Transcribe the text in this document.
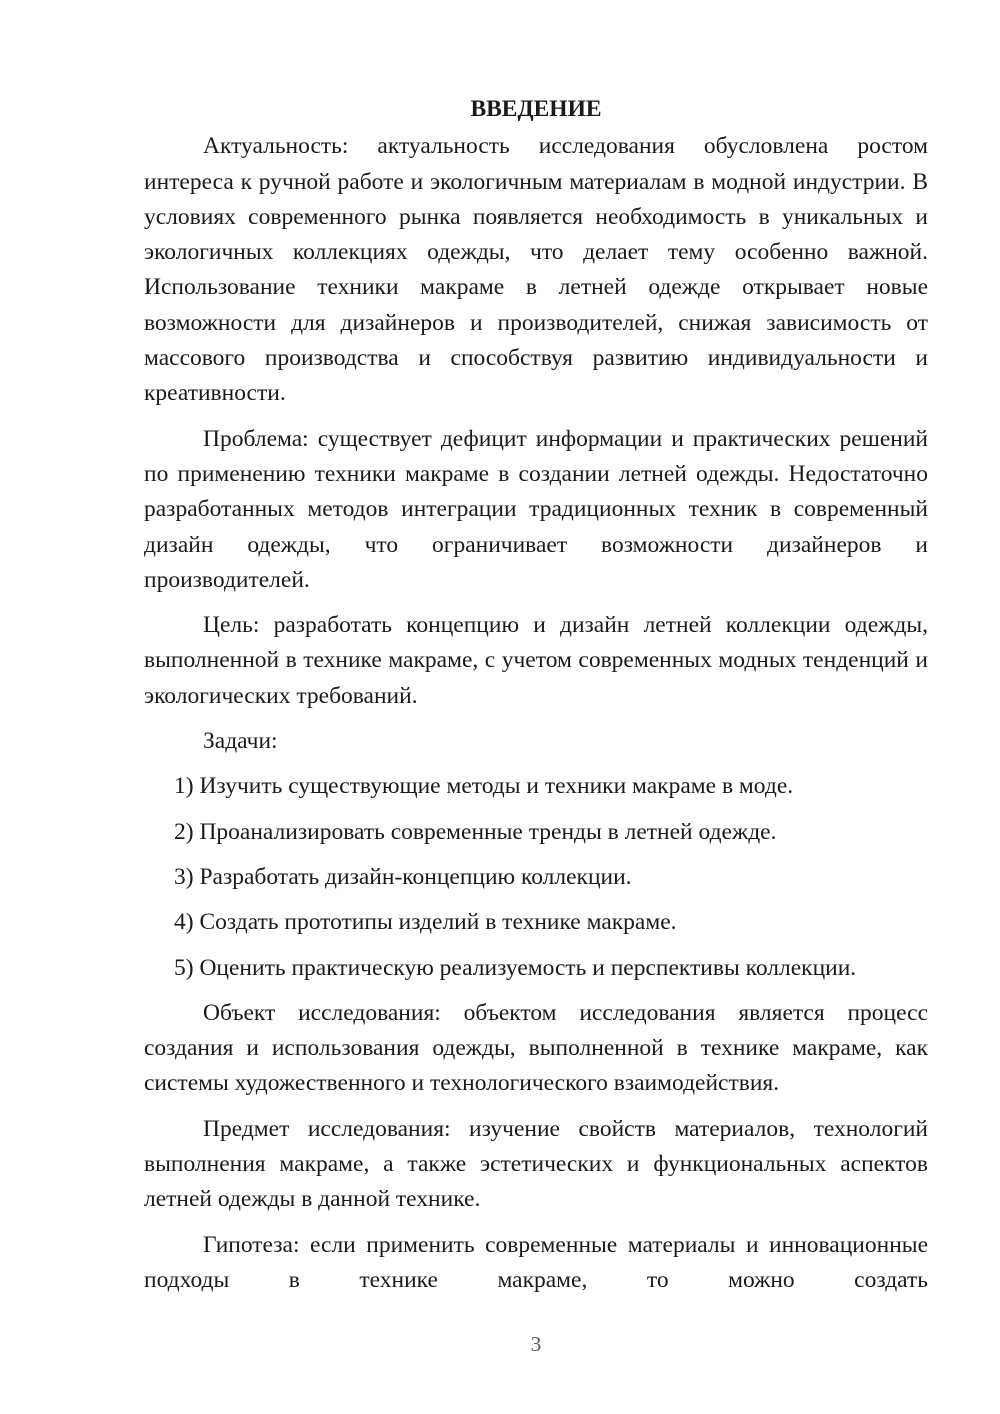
ВВЕДЕНИЕ

Актуальность: актуальность исследования обусловлена ростом интереса к ручной работе и экологичным материалам в модной индустрии. В условиях современного рынка появляется необходимость в уникальных и экологичных коллекциях одежды, что делает тему особенно важной. Использование техники макраме в летней одежде открывает новые возможности для дизайнеров и производителей, снижая зависимость от массового производства и способствуя развитию индивидуальности и креативности.

Проблема: существует дефицит информации и практических решений по применению техники макраме в создании летней одежды. Недостаточно разработанных методов интеграции традиционных техник в современный дизайн одежды, что ограничивает возможности дизайнеров и производителей.

Цель: разработать концепцию и дизайн летней коллекции одежды, выполненной в технике макраме, с учетом современных модных тенденций и экологических требований.

Задачи:

1) Изучить существующие методы и техники макраме в моде.

2) Проанализировать современные тренды в летней одежде.

3) Разработать дизайн-концепцию коллекции.

4) Создать прототипы изделий в технике макраме.

5) Оценить практическую реализуемость и перспективы коллекции.

Объект исследования: объектом исследования является процесс создания и использования одежды, выполненной в технике макраме, как системы художественного и технологического взаимодействия.

Предмет исследования: изучение свойств материалов, технологий выполнения макраме, а также эстетических и функциональных аспектов летней одежды в данной технике.

Гипотеза: если применить современные материалы и инновационные подходы в технике макраме, то можно создать

3
